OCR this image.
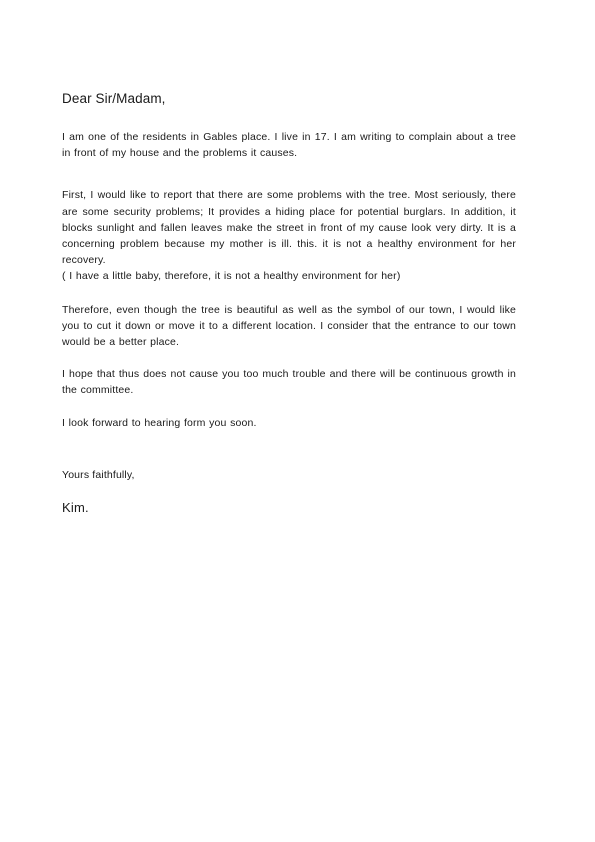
Dear Sir/Madam,

I am one of the residents in Gables place. I live in 17. I am writing to complain about a tree in front of my house and the problems it causes.

First, I would like to report that there are some problems with the tree. Most seriously, there are some security problems; It provides a hiding place for potential burglars. In addition, it blocks sunlight and fallen leaves make the street in front of my cause look very dirty. It is a concerning problem because my mother is ill. this. it is not a healthy environment for her recovery.

( I have a little baby, therefore, it is not a healthy environment for her)

Therefore, even though the tree is beautiful as well as the symbol of our town, I would like you to cut it down or move it to a different location. I consider that the entrance to our town would be a better place.

I hope that thus does not cause you too much trouble and there will be continuous growth in the committee.

I look forward to hearing form you soon.

Yours faithfully,

Kim.
